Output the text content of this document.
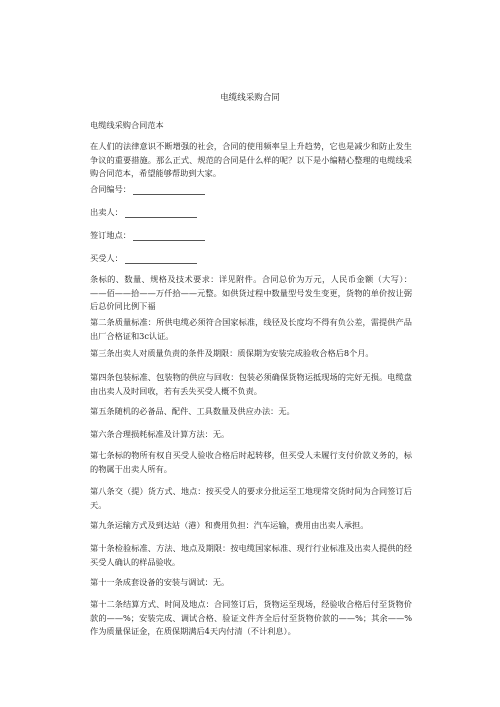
电缆线采购合同

电缆线采购合同范本

在人们的法律意识不断增强的社会，合同的使用频率呈上升趋势，它也是减少和防止发生争议的重要措施。那么正式、规范的合同是什么样的呢？以下是小编精心整理的电缆线采购合同范本，希望能够帮助到大家。

合同编号：
出卖人：
签订地点：
买受人：

条标的、数量、规格及技术要求：详见附件。合同总价为万元，人民币金额（大写）：——佰——拾——万仟拾——元整。如供货过程中数量型号发生变更，货物的单价按让弼后总价同比例下福

第二条质量标准：所供电缆必须符合国家标准，线径及长度均不得有负公差，需提供产品出厂合格证和3c认证。

第三条出卖人对质量负责的条件及期限：质保期为安装完成验收合格后8个月。

第四条包装标准、包装物的供应与回收：包装必须确保货物运抵现场的完好无损。电缆盘由出卖人及时回收，若有丢失买受人概不负责。

第五条随机的必备品、配件、工具数量及供应办法：无。

第六条合理损耗标准及计算方法：无。

第七条标的物所有权自买受人验收合格后时起转移，但买受人未履行支付价款义务的，标的物属于出卖人所有。

第八条交（提）货方式、地点：按买受人的要求分批运至工地现常交货时间为合同签订后天。

第九条运输方式及到达站（港）和费用负担：汽车运输，费用由出卖人承担。

第十条检验标准、方法、地点及期限：按电缆国家标准、现行行业标准及出卖人提供的经买受人确认的样品验收。

第十一条成套设备的安装与调试：无。

第十二条结算方式、时间及地点：合同签订后，货物运至现场，经验收合格后付至货物价款的——%；安装完成、调试合格、验证文件齐全后付至货物价款的——%；其余——%作为质量保证金，在质保期满后4天内付清（不计利息）。
